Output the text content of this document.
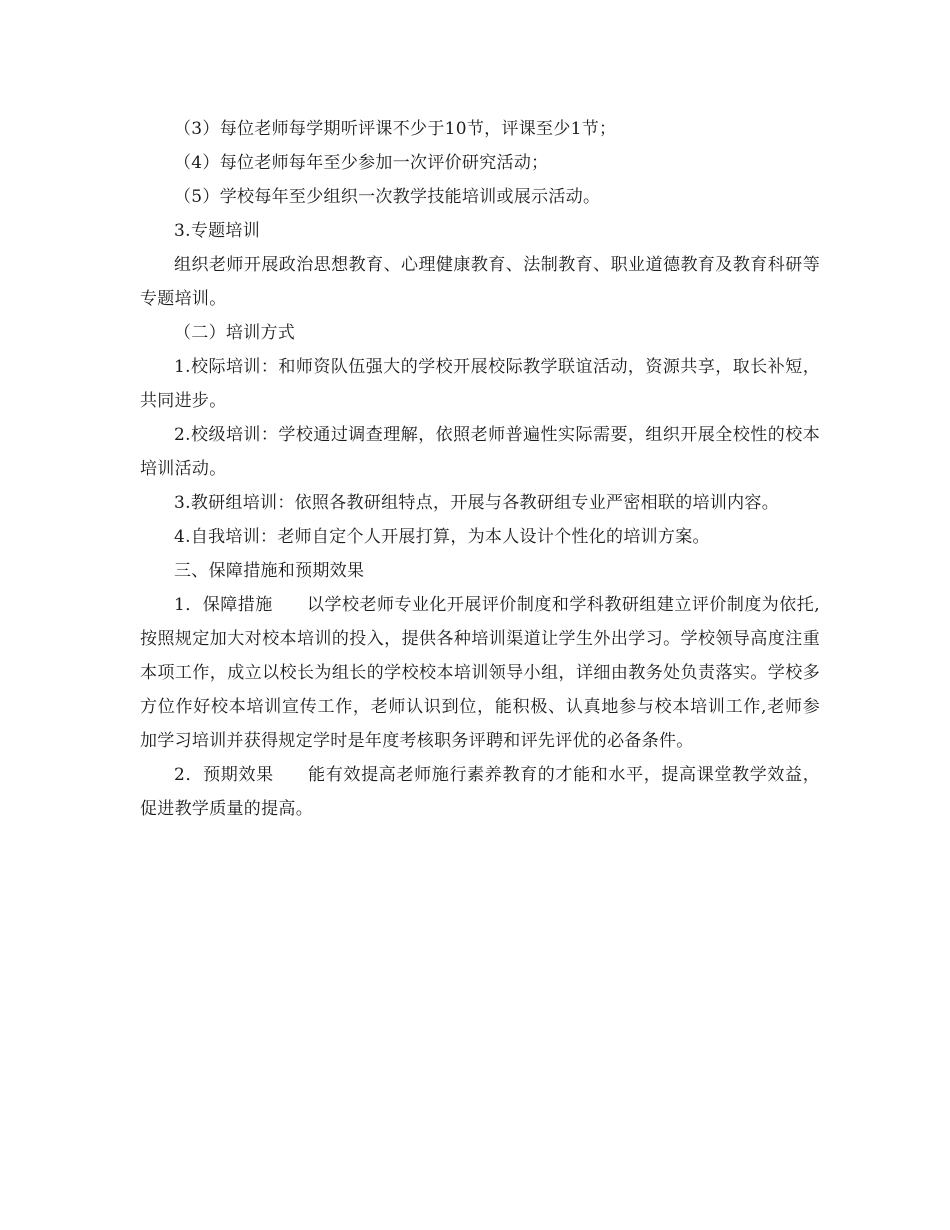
（3）每位老师每学期听评课不少于10节，评课至少1节；

（4）每位老师每年至少参加一次评价研究活动；

（5）学校每年至少组织一次教学技能培训或展示活动。

3.专题培训

组织老师开展政治思想教育、心理健康教育、法制教育、职业道德教育及教育科研等专题培训。

（二）培训方式

1.校际培训：和师资队伍强大的学校开展校际教学联谊活动，资源共享，取长补短，共同进步。

2.校级培训：学校通过调查理解，依照老师普遍性实际需要，组织开展全校性的校本培训活动。

3.教研组培训：依照各教研组特点，开展与各教研组专业严密相联的培训内容。

4.自我培训：老师自定个人开展打算，为本人设计个性化的培训方案。

三、保障措施和预期效果

1．保障措施 以学校老师专业化开展评价制度和学科教研组建立评价制度为依托,按照规定加大对校本培训的投入，提供各种培训渠道让学生外出学习。学校领导高度注重本项工作，成立以校长为组长的学校校本培训领导小组，详细由教务处负责落实。学校多方位作好校本培训宣传工作，老师认识到位，能积极、认真地参与校本培训工作,老师参加学习培训并获得规定学时是年度考核职务评聘和评先评优的必备条件。

2．预期效果 能有效提高老师施行素养教育的才能和水平，提高课堂教学效益，促进教学质量的提高。
